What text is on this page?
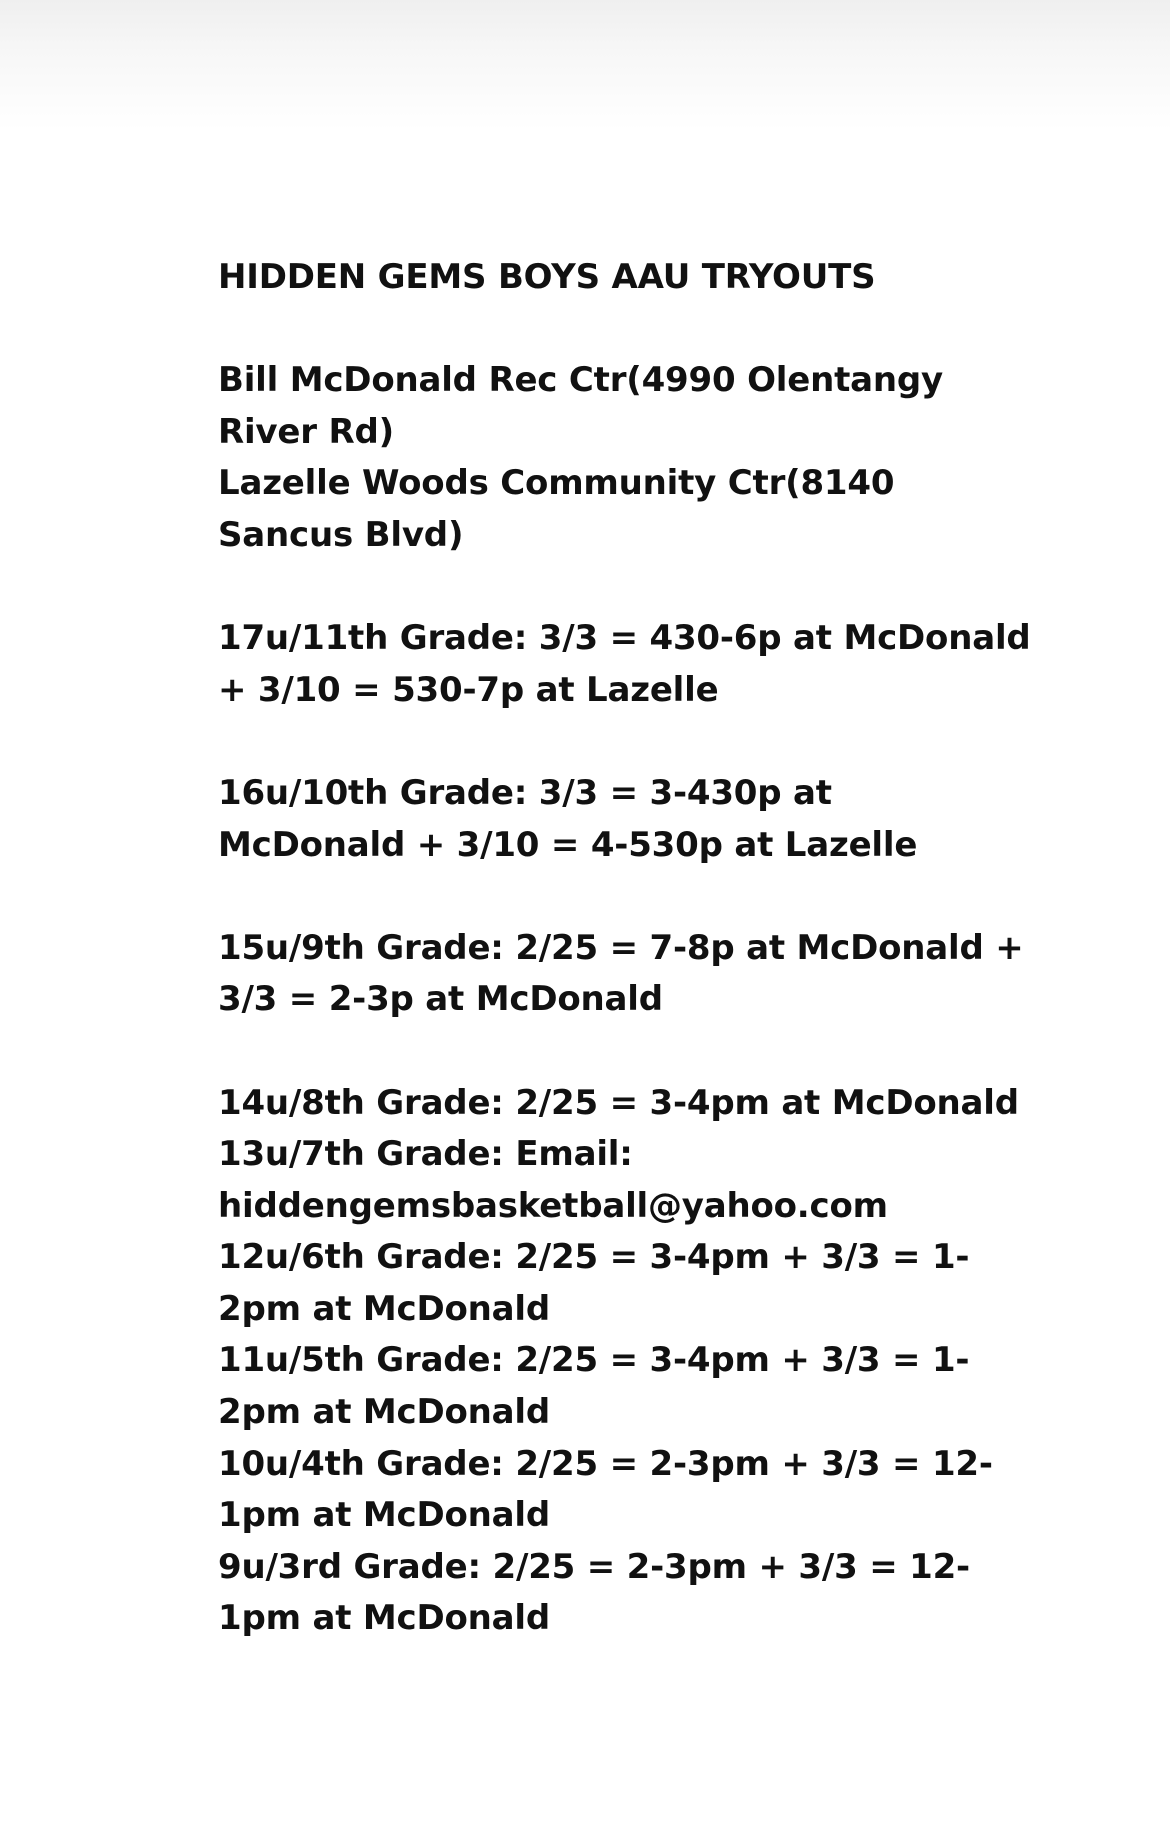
HIDDEN GEMS BOYS AAU TRYOUTS
Bill McDonald Rec Ctr(4990 Olentangy
River Rd)
Lazelle Woods Community Ctr(8140
Sancus Blvd)
17u/11th Grade: 3/3 = 430-6p at McDonald
+ 3/10 = 530-7p at Lazelle
16u/10th Grade: 3/3 = 3-430p at
McDonald + 3/10 = 4-530p at Lazelle
15u/9th Grade: 2/25 = 7-8p at McDonald +
3/3 = 2-3p at McDonald
14u/8th Grade: 2/25 = 3-4pm at McDonald
13u/7th Grade: Email:
hiddengemsbasketball@yahoo.com
12u/6th Grade: 2/25 = 3-4pm + 3/3 = 1-
2pm at McDonald
11u/5th Grade: 2/25 = 3-4pm + 3/3 = 1-
2pm at McDonald
10u/4th Grade: 2/25 = 2-3pm + 3/3 = 12-
1pm at McDonald
9u/3rd Grade: 2/25 = 2-3pm + 3/3 = 12-
1pm at McDonald
